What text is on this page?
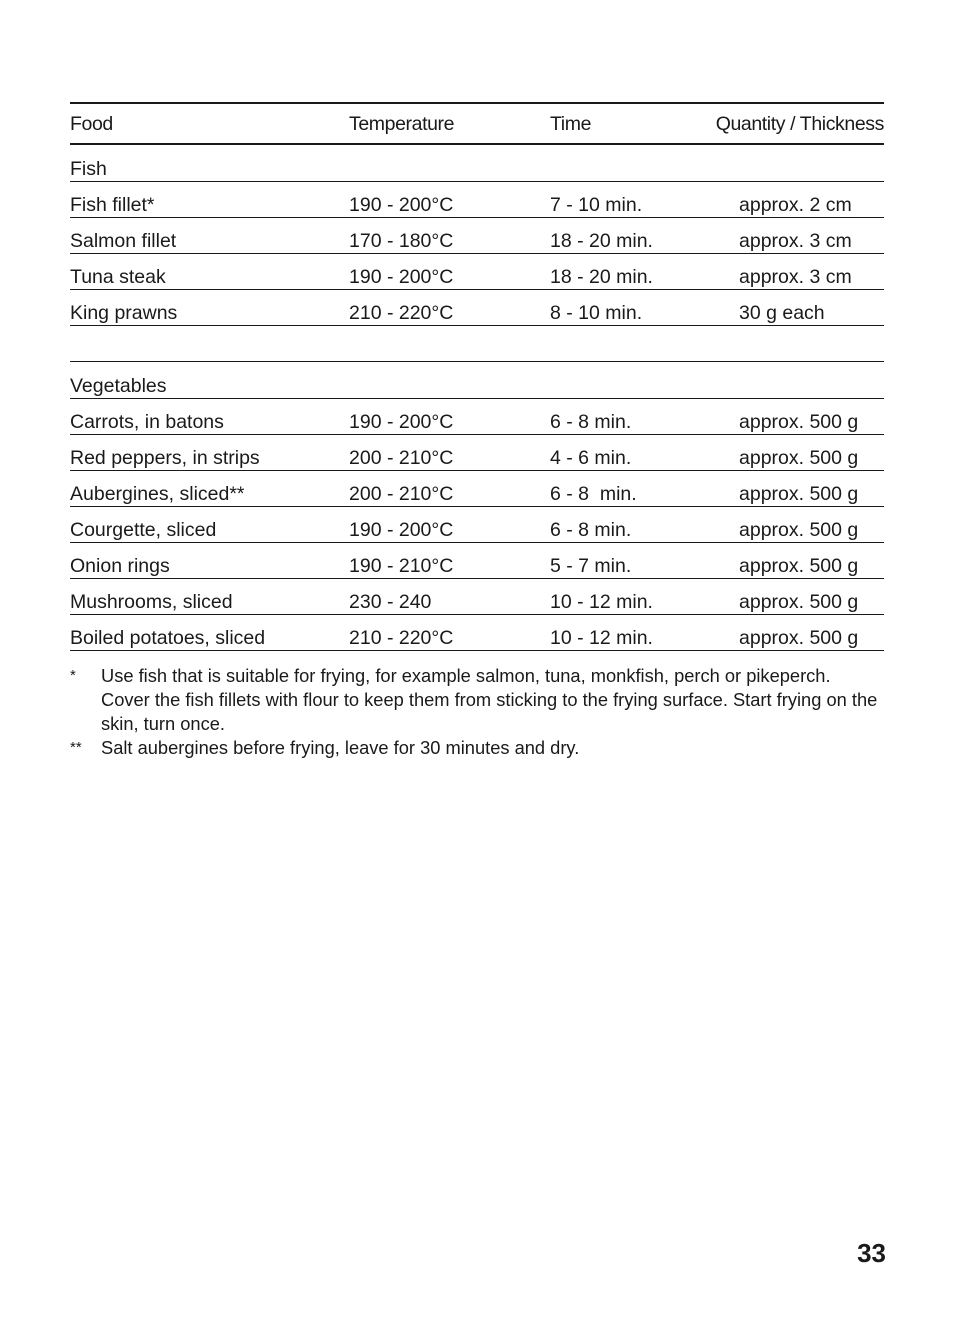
Food	Temperature	Time	Quantity / Thickness
Fish
Fish fillet*	190 - 200°C	7 - 10 min.	approx. 2 cm
Salmon fillet	170 - 180°C	18 - 20 min.	approx. 3 cm
Tuna steak	190 - 200°C	18 - 20 min.	approx. 3 cm
King prawns	210 - 220°C	8 - 10 min.	30 g each
Vegetables
Carrots, in batons	190 - 200°C	6 - 8 min.	approx. 500 g
Red peppers, in strips	200 - 210°C	4 - 6 min.	approx. 500 g
Aubergines, sliced**	200 - 210°C	6 - 8  min.	approx. 500 g
Courgette, sliced	190 - 200°C	6 - 8 min.	approx. 500 g
Onion rings	190 - 210°C	5 - 7 min.	approx. 500 g
Mushrooms, sliced	230 - 240	10 - 12 min.	approx. 500 g
Boiled potatoes, sliced	210 - 220°C	10 - 12 min.	approx. 500 g
* Use fish that is suitable for frying, for example salmon, tuna, monkfish, perch or pikeperch. Cover the fish fillets with flour to keep them from sticking to the frying surface. Start frying on the skin, turn once.
** Salt aubergines before frying, leave for 30 minutes and dry.
33
